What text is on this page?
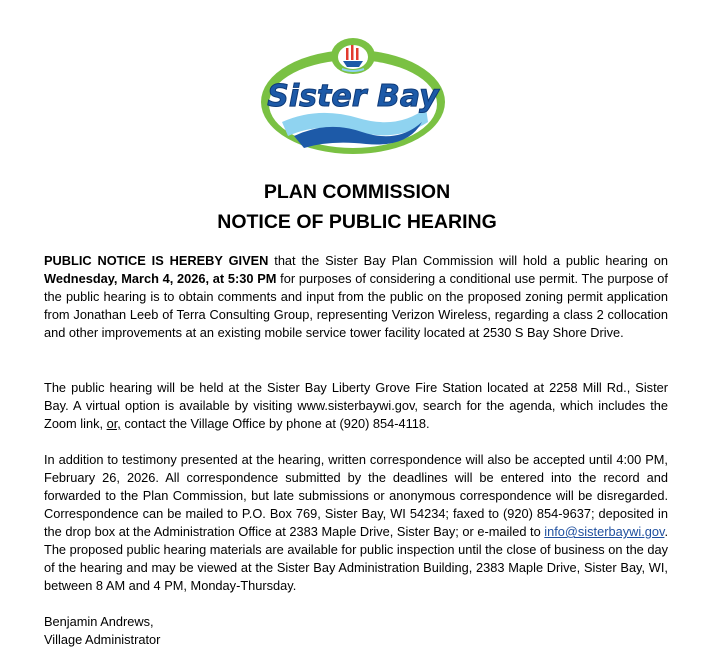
Sister Bay
PLAN COMMISSION
NOTICE OF PUBLIC HEARING
PUBLIC NOTICE IS HEREBY GIVEN that the Sister Bay Plan Commission will hold a public hearing on Wednesday, March 4, 2026, at 5:30 PM for purposes of considering a conditional use permit. The purpose of the public hearing is to obtain comments and input from the public on the proposed zoning permit application from Jonathan Leeb of Terra Consulting Group, representing Verizon Wireless, regarding a class 2 collocation and other improvements at an existing mobile service tower facility located at 2530 S Bay Shore Drive.
The public hearing will be held at the Sister Bay Liberty Grove Fire Station located at 2258 Mill Rd., Sister Bay. A virtual option is available by visiting www.sisterbaywi.gov, search for the agenda, which includes the Zoom link, or, contact the Village Office by phone at (920) 854-4118.
In addition to testimony presented at the hearing, written correspondence will also be accepted until 4:00 PM, February 26, 2026. All correspondence submitted by the deadlines will be entered into the record and forwarded to the Plan Commission, but late submissions or anonymous correspondence will be disregarded. Correspondence can be mailed to P.O. Box 769, Sister Bay, WI 54234; faxed to (920) 854-9637; deposited in the drop box at the Administration Office at 2383 Maple Drive, Sister Bay; or e-mailed to info@sisterbaywi.gov. The proposed public hearing materials are available for public inspection until the close of business on the day of the hearing and may be viewed at the Sister Bay Administration Building, 2383 Maple Drive, Sister Bay, WI, between 8 AM and 4 PM, Monday-Thursday.
Benjamin Andrews,
Village Administrator
